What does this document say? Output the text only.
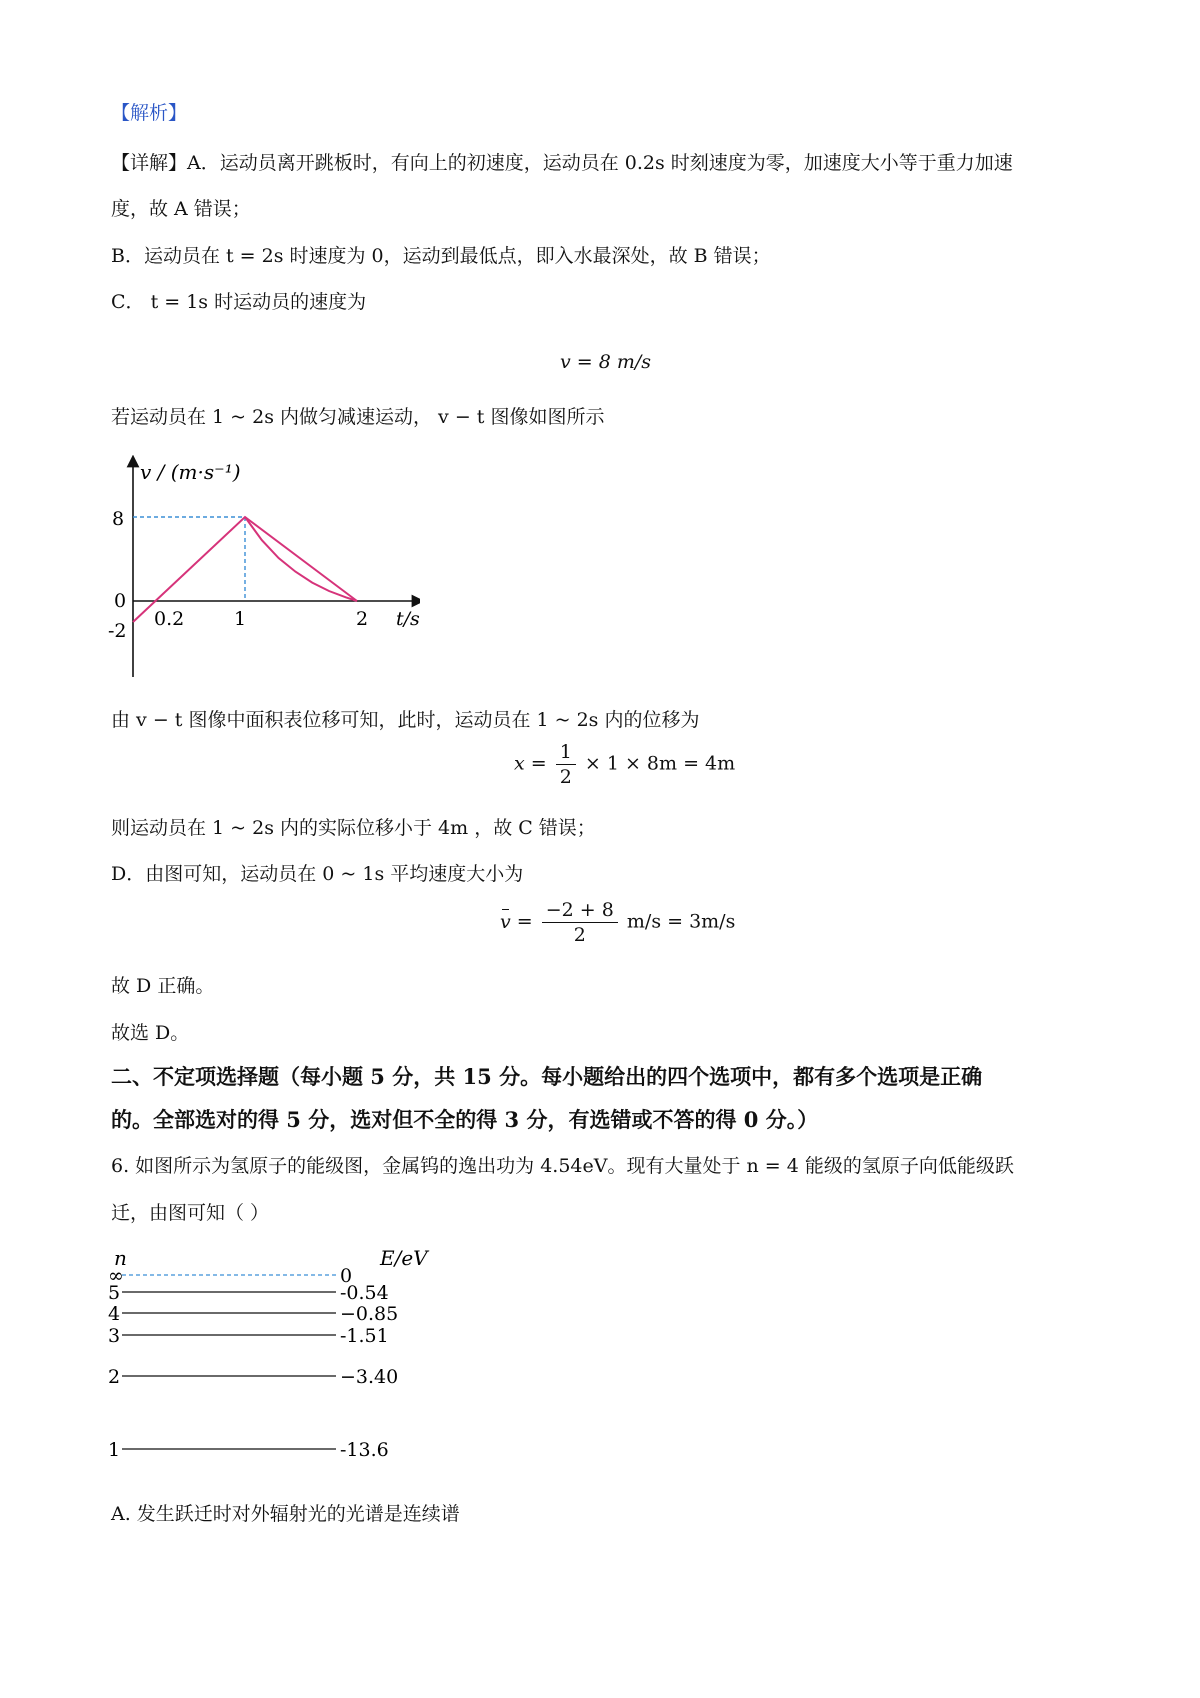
【解析】
【详解】A．运动员离开跳板时，有向上的初速度，运动员在 0.2s 时刻速度为零，加速度大小等于重力加速
度，故 A 错误；
B．运动员在 t = 2s 时速度为 0，运动到最低点，即入水最深处，故 B 错误；
C． t = 1s 时运动员的速度为
v = 8 m/s
若运动员在 1 ~ 2s 内做匀减速运动， v − t 图像如图所示
v / (m·s⁻¹)
t/s
8
0
-2
0.2	1	2
由 v − t 图像中面积表位移可知，此时，运动员在 1 ~ 2s 内的位移为
$x = \frac{1}{2} \times 1 \times 8m = 4m$
则运动员在 1 ~ 2s 内的实际位移小于 4m ，故 C 错误；
D．由图可知，运动员在 0 ~ 1s 平均速度大小为
$v = \frac{-2 + 8}{2} m/s = 3m/s$
故 D 正确。
故选 D。
二、不定项选择题（每小题 5 分，共 15 分。每小题给出的四个选项中，都有多个选项是正确
的。全部选对的得 5 分，选对但不全的得 3 分，有选错或不答的得 0 分。）
6. 如图所示为氢原子的能级图，金属钨的逸出功为 4.54eV。现有大量处于 n = 4 能级的氢原子向低能级跃
迁，由图可知（ ）
n	E/eV
∞	0
5	-0.54
4	−0.85
3	-1.51
2	−3.40
1	-13.6
A. 发生跃迁时对外辐射光的光谱是连续谱
